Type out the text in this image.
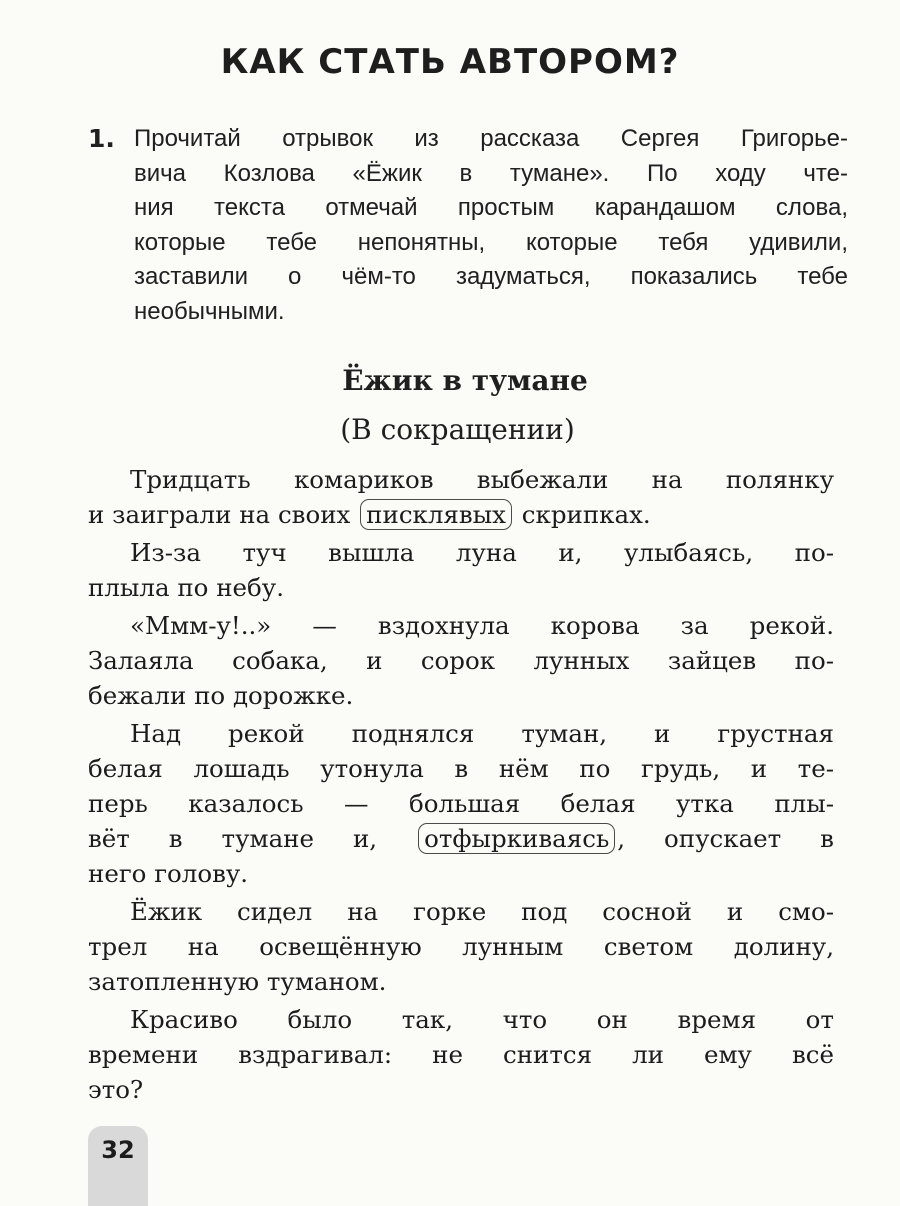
КАК СТАТЬ АВТОРОМ?
1. Прочитай отрывок из рассказа Сергея Григорье-
вича Козлова «Ёжик в тумане». По ходу чте-
ния текста отмечай простым карандашом слова,
которые тебе непонятны, которые тебя удивили,
заставили о чём-то задуматься, показались тебе
необычными.
Ёжик в тумане
(В сокращении)
Тридцать комариков выбежали на полянку
и заиграли на своих писклявых скрипках.
Из-за туч вышла луна и, улыбаясь, по-
плыла по небу.
«Ммм-у!..» — вздохнула корова за рекой.
Залаяла собака, и сорок лунных зайцев по-
бежали по дорожке.
Над рекой поднялся туман, и грустная
белая лошадь утонула в нём по грудь, и те-
перь казалось — большая белая утка плы-
вёт в тумане и, отфыркиваясь , опускает в
него голову.
Ёжик сидел на горке под сосной и смо-
трел на освещённую лунным светом долину,
затопленную туманом.
Красиво было так, что он время от
времени вздрагивал: не снится ли ему всё
это?
32
